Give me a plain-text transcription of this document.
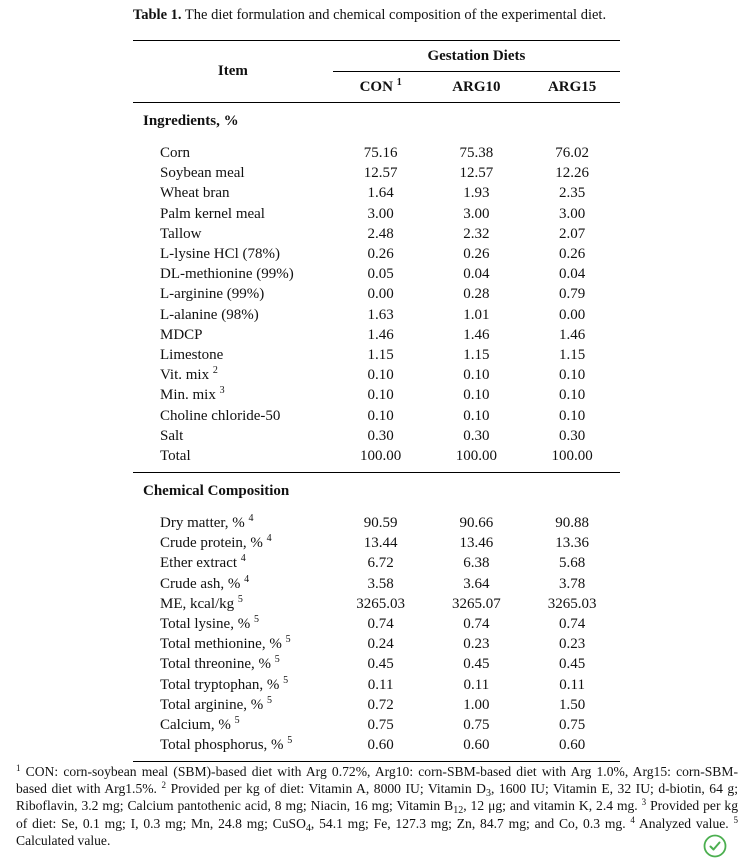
Table 1. The diet formulation and chemical composition of the experimental diet.
Item	Gestation Diets		
	CON $^1$	ARG10	ARG15
Ingredients, %			
Corn	75.16	75.38	76.02
Soybean meal	12.57	12.57	12.26
Wheat bran	1.64	1.93	2.35
Palm kernel meal	3.00	3.00	3.00
Tallow	2.48	2.32	2.07
L-lysine HCl (78%)	0.26	0.26	0.26
DL-methionine (99%)	0.05	0.04	0.04
L-arginine (99%)	0.00	0.28	0.79
L-alanine (98%)	1.63	1.01	0.00
MDCP	1.46	1.46	1.46
Limestone	1.15	1.15	1.15
Vit. mix $^2$	0.10	0.10	0.10
Min. mix $^3$	0.10	0.10	0.10
Choline chloride-50	0.10	0.10	0.10
Salt	0.30	0.30	0.30
Total	100.00	100.00	100.00
Chemical Composition			
Dry matter, % $^4$	90.59	90.66	90.88
Crude protein, % $^4$	13.44	13.46	13.36
Ether extract $^4$	6.72	6.38	5.68
Crude ash, % $^4$	3.58	3.64	3.78
ME, kcal/kg $^5$	3265.03	3265.07	3265.03
Total lysine, % $^5$	0.74	0.74	0.74
Total methionine, % $^5$	0.24	0.23	0.23
Total threonine, % $^5$	0.45	0.45	0.45
Total tryptophan, % $^5$	0.11	0.11	0.11
Total arginine, % $^5$	0.72	1.00	1.50
Calcium, % $^5$	0.75	0.75	0.75
Total phosphorus, % $^5$	0.60	0.60	0.60
$^1$ CON: corn-soybean meal (SBM)-based diet with Arg 0.72%, Arg10: corn-SBM-based diet with Arg 1.0%, Arg15: corn-SBM-based diet with Arg1.5%. $^2$ Provided per kg of diet: Vitamin A, 8000 IU; Vitamin $D_3$, 1600 IU; Vitamin E, 32 IU; d-biotin, 64 g; Riboflavin, 3.2 mg; Calcium pantothenic acid, 8 mg; Niacin, 16 mg; Vitamin $B_{12}$, 12 μg; and vitamin K, 2.4 mg. $^3$ Provided per kg of diet: Se, 0.1 mg; I, 0.3 mg; Mn, 24.8 mg; CuSO$_4$, 54.1 mg; Fe, 127.3 mg; Zn, 84.7 mg; and Co, 0.3 mg. $^4$ Analyzed value. $^5$ Calculated value.
